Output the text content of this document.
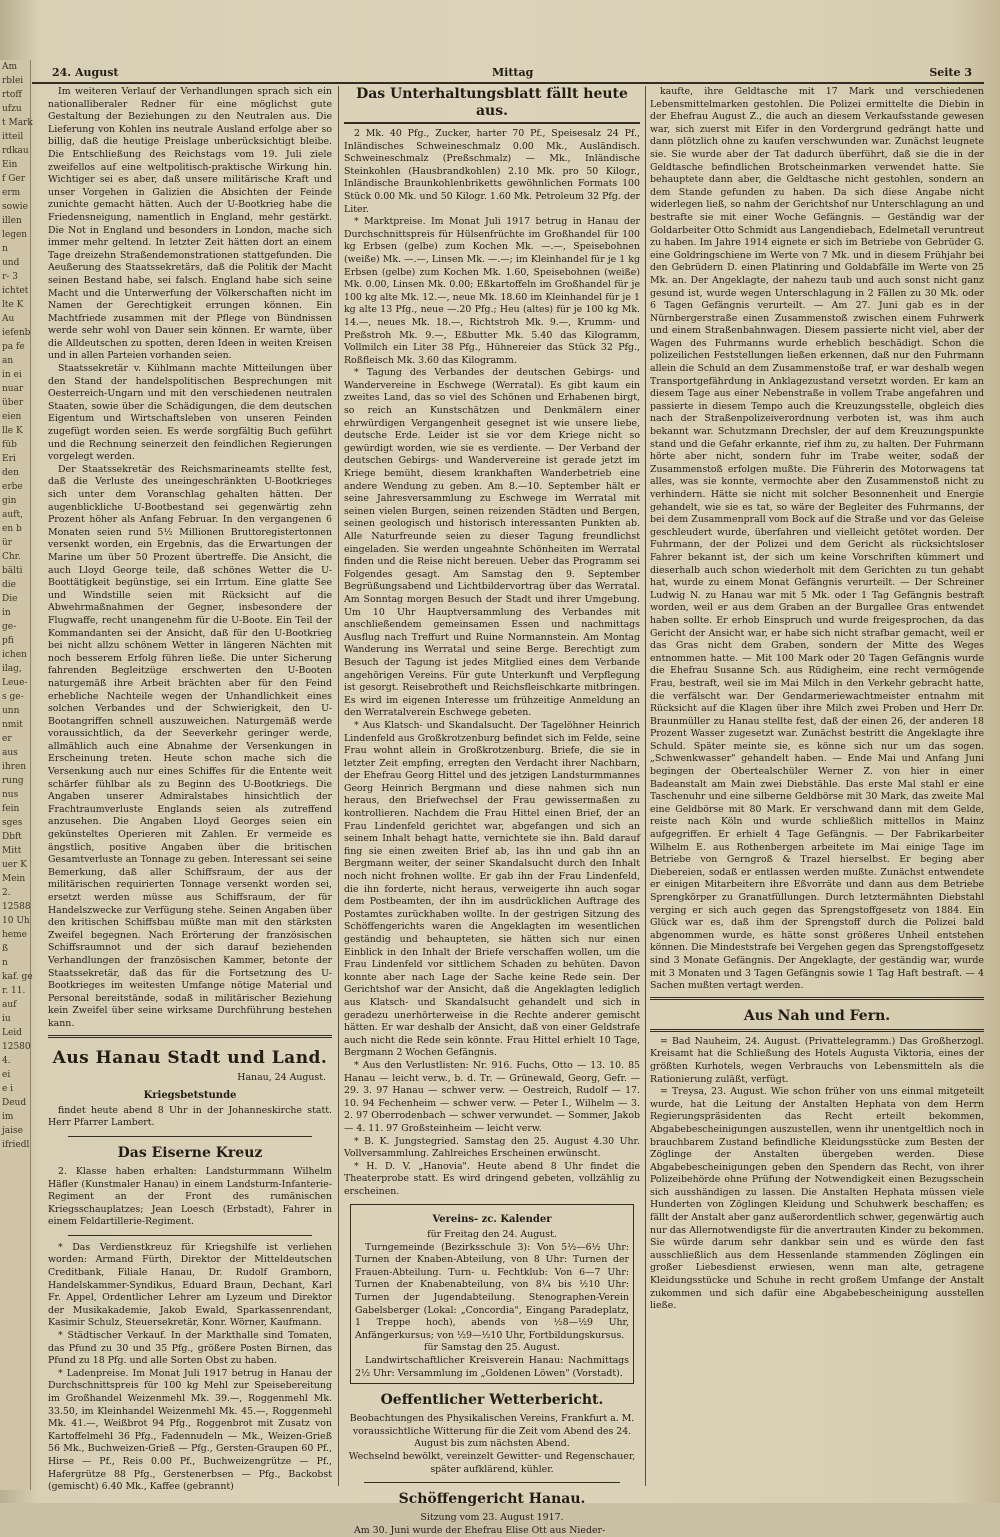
Am
rblei
rtoff
ufzu
t Mark
itteil
rdkau
Ein
f Ger
erm
sowie
illen
legen
n
und
r- 3
ichtet
lte K
Au
iefenb
pa fe
an
in ei
nuar
über
eien
lle K
füb
Eri
den
erbe
gin
auft,
en b
ür
Chr.
bälti
die
Die
in
ge-
pfi
ichen
ilag,
Leue-
s ge-
unn
nmit
er
aus
ihren
rung
nus
fein
sges
Dbft
Mitt
uer K
Mein
2.
12588
10 Uh
heme
ß
n
kaf. ge
r. 11.
auf
iu
Leid
12580
4.
ei
e i
Deud
im
jaise
ifriedl
24. August	Mittag	Seite 3

Im weiteren Verlauf der Verhandlungen sprach sich ein nationalliberaler Redner für eine möglichst gute Gestaltung der Beziehungen zu den Neutralen aus. Die Lieferung von Kohlen ins neutrale Ausland erfolge aber so billig, daß die heutige Preislage unberücksichtigt bleibe. Die Entschließung des Reichstags vom 19. Juli ziele zweifellos auf eine weltpolitisch-praktische Wirkung hin. Wichtiger sei es aber, daß unsere militärische Kraft und unser Vorgehen in Galizien die Absichten der Feinde zunichte gemacht hätten. Auch der U-Bootkrieg habe die Friedensneigung, namentlich in England, mehr gestärkt. Die Not in England und besonders in London, mache sich immer mehr geltend. In letzter Zeit hätten dort an einem Tage dreizehn Straßendemonstrationen stattgefunden. Die Aeußerung des Staatssekretärs, daß die Politik der Macht seinen Bestand habe, sei falsch. England habe sich seine Macht und die Unterwerfung der Völkerschaften nicht im Namen der Gerechtigkeit errungen können. Ein Machtfriede zusammen mit der Pflege von Bündnissen werde sehr wohl von Dauer sein können. Er warnte, über die Alldeutschen zu spotten, deren Ideen in weiten Kreisen und in allen Parteien vorhanden seien.

Staatssekretär v. Kühlmann machte Mitteilungen über den Stand der handelspolitischen Besprechungen mit Oesterreich-Ungarn und mit den verschiedenen neutralen Staaten, sowie über die Schädigungen, die dem deutschen Eigentum und Wirtschaftsleben von unseren Feinden zugefügt worden seien. Es werde sorgfältig Buch geführt und die Rechnung seinerzeit den feindlichen Regierungen vorgelegt werden.

Der Staatssekretär des Reichsmarineamts stellte fest, daß die Verluste des uneingeschränkten U-Bootkrieges sich unter dem Voranschlag gehalten hätten. Der augenblickliche U-Bootbestand sei gegenwärtig zehn Prozent höher als Anfang Februar. In den vergangenen 6 Monaten seien rund 5½ Millionen Bruttoregistertonnen versenkt worden, ein Ergebnis, das die Erwartungen der Marine um über 50 Prozent übertreffe. Die Ansicht, die auch Lloyd George teile, daß schönes Wetter die U-Boottätigkeit begünstige, sei ein Irrtum. Eine glatte See und Windstille seien mit Rücksicht auf die Abwehrmaßnahmen der Gegner, insbesondere der Flugwaffe, recht unangenehm für die U-Boote. Ein Teil der Kommandanten sei der Ansicht, daß für den U-Bootkrieg bei nicht allzu schönem Wetter in längeren Nächten mit noch besserem Erfolg führen ließe. Die unter Sicherung fahrenden Begleitzüge erschwerten den U-Booten naturgemäß ihre Arbeit brächten aber für den Feind erhebliche Nachteile wegen der Unhandlichkeit eines solchen Verbandes und der Schwierigkeit, den U-Bootangriffen schnell auszuweichen. Naturgemäß werde voraussichtlich, da der Seeverkehr geringer werde, allmählich auch eine Abnahme der Versenkungen in Erscheinung treten. Heute schon mache sich die Versenkung auch nur eines Schiffes für die Entente weit schärfer fühlbar als zu Beginn des U-Bootkriegs. Die Angaben unserer Admiralstabes hinsichtlich der Frachtraumverluste Englands seien als zutreffend anzusehen. Die Angaben Lloyd Georges seien ein gekünsteltes Operieren mit Zahlen. Er vermeide es ängstlich, positive Angaben über die britischen Gesamtverluste an Tonnage zu geben. Interessant sei seine Bemerkung, daß aller Schiffsraum, der aus der militärischen requirierten Tonnage versenkt worden sei, ersetzt werden müsse aus Schiffsraum, der für Handelszwecke zur Verfügung stehe. Seinen Angaben über den kritischen Schiffsbau müßte man mit den stärksten Zweifel begegnen. Nach Erörterung der französischen Schiffsraumnot und der sich darauf beziehenden Verhandlungen der französischen Kammer, betonte der Staatssekretär, daß das für die Fortsetzung des U-Bootkrieges im weitesten Umfange nötige Material und Personal bereitstände, sodaß in militärischer Beziehung kein Zweifel über seine wirksame Durchführung bestehen kann.

Aus Hanau Stadt und Land.
Hanau, 24 August.
Kriegsbetstunde

findet heute abend 8 Uhr in der Johanneskirche statt. Herr Pfarrer Lambert.

Das Eiserne Kreuz

2. Klasse haben erhalten: Landsturmmann Wilhelm Häfler (Kunstmaler Hanau) in einem Landsturm-Infanterie-Regiment an der Front des rumänischen Kriegsschauplatzes; Jean Loesch (Erbstadt), Fahrer in einem Feldartillerie-Regiment.

* Das Verdienstkreuz für Kriegshilfe ist verliehen worden: Armand Fürth, Direktor der Mitteldeutschen Creditbank, Filiale Hanau, Dr. Rudolf Gramborn, Handelskammer-Syndikus, Eduard Braun, Dechant, Karl Fr. Appel, Ordentlicher Lehrer am Lyzeum und Direktor der Musikakademie, Jakob Ewald, Sparkassenrendant, Kasimir Schulz, Steuersekretär, Konr. Wörner, Kaufmann.

* Städtischer Verkauf. In der Markthalle sind Tomaten, das Pfund zu 30 und 35 Pfg., größere Posten Birnen, das Pfund zu 18 Pfg. und alle Sorten Obst zu haben.

* Ladenpreise. Im Monat Juli 1917 betrug in Hanau der Durchschnittspreis für 100 kg Mehl zur Speisebereitung im Großhandel Weizenmehl Mk. 39.—, Roggenmehl Mk. 33.50, im Kleinhandel Weizenmehl Mk. 45.—, Roggenmehl Mk. 41.—, Weißbrot 94 Pfg., Roggenbrot mit Zusatz von Kartoffelmehl 36 Pfg., Fadennudeln — Mk., Weizen-Grieß 56 Mk., Buchweizen-Grieß — Pfg., Gersten-Graupen 60 Pf., Hirse — Pf., Reis 0.00 Pf., Buchweizengrütze — Pf., Hafergrütze 88 Pfg., Gerstenerbsen — Pfg., Backobst (gemischt) 6.40 Mk., Kaffee (gebrannt)

Das Unterhaltungsblatt fällt heute aus.

2 Mk. 40 Pfg., Zucker, harter 70 Pf., Speisesalz 24 Pf., Inländisches Schweineschmalz 0.00 Mk., Ausländisch. Schweineschmalz (Preßschmalz) — Mk., Inländische Steinkohlen (Hausbrandkohlen) 2.10 Mk. pro 50 Kilogr., Inländische Braunkohlenbriketts gewöhnlichen Formats 100 Stück 0.00 Mk. und 50 Kilogr. 1.60 Mk. Petroleum 32 Pfg. der Liter.

* Marktpreise. Im Monat Juli 1917 betrug in Hanau der Durchschnittspreis für Hülsenfrüchte im Großhandel für 100 kg Erbsen (gelbe) zum Kochen Mk. —.—, Speisebohnen (weiße) Mk. —.—, Linsen Mk. —.—; im Kleinhandel für je 1 kg Erbsen (gelbe) zum Kochen Mk. 1.60, Speisebohnen (weiße) Mk. 0.00, Linsen Mk. 0.00; Eßkartoffeln im Großhandel für je 100 kg alte Mk. 12.—, neue Mk. 18.60 im Kleinhandel für je 1 kg alte 13 Pfg., neue —.20 Pfg.; Heu (altes) für je 100 kg Mk. 14.—, neues Mk. 18.—, Richtstroh Mk. 9.—, Krumm- und Preßstroh Mk. 9.—, Eßbutter Mk. 5.40 das Kilogramm, Vollmilch ein Liter 38 Pfg., Hühnereier das Stück 32 Pfg., Roßfleisch Mk. 3.60 das Kilogramm.

* Tagung des Verbandes der deutschen Gebirgs- und Wandervereine in Eschwege (Werratal). Es gibt kaum ein zweites Land, das so viel des Schönen und Erhabenen birgt, so reich an Kunstschätzen und Denkmälern einer ehrwürdigen Vergangenheit gesegnet ist wie unsere liebe, deutsche Erde. Leider ist sie vor dem Kriege nicht so gewürdigt worden, wie sie es verdiente. — Der Verband der deutschen Gebirgs- und Wandervereine ist gerade jetzt im Kriege bemüht, diesem krankhaften Wanderbetrieb eine andere Wendung zu geben. Am 8.—10. September hält er seine Jahresversammlung zu Eschwege im Werratal mit seinen vielen Burgen, seinen reizenden Städten und Bergen, seinen geologisch und historisch interessanten Punkten ab. Alle Naturfreunde seien zu dieser Tagung freundlichst eingeladen. Sie werden ungeahnte Schönheiten im Werratal finden und die Reise nicht bereuen. Ueber das Programm sei Folgendes gesagt. Am Samstag den 9. September Begrüßungsabend und Lichtbildervortrag über das Werratal. Am Sonntag morgen Besuch der Stadt und ihrer Umgebung. Um 10 Uhr Hauptversammlung des Verbandes mit anschließendem gemeinsamen Essen und nachmittags Ausflug nach Treffurt und Ruine Normannstein. Am Montag Wanderung ins Werratal und seine Berge. Berechtigt zum Besuch der Tagung ist jedes Mitglied eines dem Verbande angehörigen Vereins. Für gute Unterkunft und Verpflegung ist gesorgt. Reisebrotheft und Reichsfleischkarte mitbringen. Es wird im eigenen Interesse um frühzeitige Anmeldung an den Werratalverein Eschwege gebeten.

* Aus Klatsch- und Skandalsucht. Der Tagelöhner Heinrich Lindenfeld aus Großkrotzenburg befindet sich im Felde, seine Frau wohnt allein in Großkrotzenburg. Briefe, die sie in letzter Zeit empfing, erregten den Verdacht ihrer Nachbarn, der Ehefrau Georg Hittel und des jetzigen Landsturmmannes Georg Heinrich Bergmann und diese nahmen sich nun heraus, den Briefwechsel der Frau gewissermaßen zu kontrollieren. Nachdem die Frau Hittel einen Brief, der an Frau Lindenfeld gerichtet war, abgefangen und sich an seinem Inhalt behagt hatte, vernichtete sie ihn. Bald darauf fing sie einen zweiten Brief ab, las ihn und gab ihn an Bergmann weiter, der seiner Skandalsucht durch den Inhalt noch nicht frohnen wollte. Er gab ihn der Frau Lindenfeld, die ihn forderte, nicht heraus, verweigerte ihn auch sogar dem Postbeamten, der ihn im ausdrücklichen Auftrage des Postamtes zurückhaben wollte. In der gestrigen Sitzung des Schöffengerichts waren die Angeklagten im wesentlichen geständig und behaupteten, sie hätten sich nur einen Einblick in den Inhalt der Briefe verschaffen wollen, um die Frau Lindenfeld vor sittlichem Schaden zu behüten. Davon konnte aber nach Lage der Sache keine Rede sein. Der Gerichtshof war der Ansicht, daß die Angeklagten lediglich aus Klatsch- und Skandalsucht gehandelt und sich in geradezu unerhörterweise in die Rechte anderer gemischt hätten. Er war deshalb der Ansicht, daß von einer Geldstrafe auch nicht die Rede sein könnte. Frau Hittel erhielt 10 Tage, Bergmann 2 Wochen Gefängnis.

* Aus den Verlustlisten: Nr. 916. Fuchs, Otto — 13. 10. 85 Hanau — leicht verw., b. d. Tr. — Grünewald, Georg, Gefr. — 29. 3. 97 Hanau — schwer verw. — Oestreich, Rudolf — 17. 10. 94 Fechenheim — schwer verw. — Peter I., Wilhelm — 3. 2. 97 Oberrodenbach — schwer verwundet. — Sommer, Jakob — 4. 11. 97 Großsteinheim — leicht verw.

* B. K. Jungstegried. Samstag den 25. August 4.30 Uhr. Vollversammlung. Zahlreiches Erscheinen erwünscht.

* H. D. V. „Hanovia". Heute abend 8 Uhr findet die Theaterprobe statt. Es wird dringend gebeten, vollzählig zu erscheinen.

Vereins- zc. Kalender

für Freitag den 24. August.

Turngemeinde (Bezirksschule 3): Von 5½—6½ Uhr: Turnen der Knaben-Abteilung, von 8 Uhr: Turnen der Frauen-Abteilung. Turn- u. Fechtklub: Von 6—7 Uhr: Turnen der Knabenabteilung, von 8¼ bis ½10 Uhr: Turnen der Jugendabteilung. Stenographen-Verein Gabelsberger (Lokal: „Concordia", Eingang Paradeplatz, 1 Treppe hoch), abends von ½8—½9 Uhr, Anfängerkursus; von ½9—½10 Uhr, Fortbildungskursus.

für Samstag den 25. August.

Landwirtschaftlicher Kreisverein Hanau: Nachmittags 2½ Uhr: Versammlung im „Goldenen Löwen" (Vorstadt).

Oeffentlicher Wetterbericht.

Beobachtungen des Physikalischen Vereins, Frankfurt a. M. voraussichtliche Witterung für die Zeit vom Abend des 24. August bis zum nächsten Abend.

Wechselnd bewölkt, vereinzelt Gewitter- und Regenschauer, später aufklärend, kühler.

Schöffengericht Hanau.

Sitzung vom 23. August 1917.

Am 30. Juni wurde der Ehefrau Elise Ott aus Nieder-

kaufte, ihre Geldtasche mit 17 Mark und verschiedenen Lebensmittelmarken gestohlen. Die Polizei ermittelte die Diebin in der Ehefrau August Z., die auch an diesem Verkaufsstande gewesen war, sich zuerst mit Eifer in den Vordergrund gedrängt hatte und dann plötzlich ohne zu kaufen verschwunden war. Zunächst leugnete sie. Sie wurde aber der Tat dadurch überführt, daß sie die in der Geldtasche befindlichen Brotscheinmarken verwendet hatte. Sie behauptete dann aber, die Geldtasche nicht gestohlen, sondern an dem Stande gefunden zu haben. Da sich diese Angabe nicht widerlegen ließ, so nahm der Gerichtshof nur Unterschlagung an und bestrafte sie mit einer Woche Gefängnis. — Geständig war der Goldarbeiter Otto Schmidt aus Langendiebach, Edelmetall veruntreut zu haben. Im Jahre 1914 eignete er sich im Betriebe von Gebrüder G. eine Goldringschiene im Werte von 7 Mk. und in diesem Frühjahr bei den Gebrüdern D. einen Platinring und Goldabfälle im Werte von 25 Mk. an. Der Angeklagte, der nahezu taub und auch sonst nicht ganz gesund ist, wurde wegen Unterschlagung in 2 Fällen zu 30 Mk. oder 6 Tagen Gefängnis verurteilt. — Am 27. Juni gab es in der Nürnbergerstraße einen Zusammenstoß zwischen einem Fuhrwerk und einem Straßenbahnwagen. Diesem passierte nicht viel, aber der Wagen des Fuhrmanns wurde erheblich beschädigt. Schon die polizeilichen Feststellungen ließen erkennen, daß nur den Fuhrmann allein die Schuld an dem Zusammenstoße traf, er war deshalb wegen Transportgefährdung in Anklagezustand versetzt worden. Er kam an diesem Tage aus einer Nebenstraße in vollem Trabe angefahren und passierte in diesem Tempo auch die Kreuzungsstelle, obgleich dies nach der Straßenpolizeiverordnung verboten ist, was ihm auch bekannt war. Schutzmann Drechsler, der auf dem Kreuzungspunkte stand und die Gefahr erkannte, rief ihm zu, zu halten. Der Fuhrmann hörte aber nicht, sondern fuhr im Trabe weiter, sodaß der Zusammenstoß erfolgen mußte. Die Führerin des Motorwagens tat alles, was sie konnte, vermochte aber den Zusammenstoß nicht zu verhindern. Hätte sie nicht mit solcher Besonnenheit und Energie gehandelt, wie sie es tat, so wäre der Begleiter des Fuhrmanns, der bei dem Zusammenprall vom Bock auf die Straße und vor das Geleise geschleudert wurde, überfahren und vielleicht getötet worden. Der Fuhrmann, der der Polizei und dem Gericht als rücksichtsloser Fahrer bekannt ist, der sich um keine Vorschriften kümmert und dieserhalb auch schon wiederholt mit dem Gerichten zu tun gehabt hat, wurde zu einem Monat Gefängnis verurteilt. — Der Schreiner Ludwig N. zu Hanau war mit 5 Mk. oder 1 Tag Gefängnis bestraft worden, weil er aus dem Graben an der Burgallee Gras entwendet haben sollte. Er erhob Einspruch und wurde freigesprochen, da das Gericht der Ansicht war, er habe sich nicht strafbar gemacht, weil er das Gras nicht dem Graben, sondern der Mitte des Weges entnommen hatte. — Mit 100 Mark oder 20 Tagen Gefängnis wurde die Ehefrau Susanne Sch. aus Rüdigheim, eine recht vermögende Frau, bestraft, weil sie im Mai Milch in den Verkehr gebracht hatte, die verfälscht war. Der Gendarmeriewachtmeister entnahm mit Rücksicht auf die Klagen über ihre Milch zwei Proben und Herr Dr. Braunmüller zu Hanau stellte fest, daß der einen 26, der anderen 18 Prozent Wasser zugesetzt war. Zunächst bestritt die Angeklagte ihre Schuld. Später meinte sie, es könne sich nur um das sogen. „Schwenkwasser" gehandelt haben. — Ende Mai und Anfang Juni begingen der Obertealschüler Werner Z. von hier in einer Badeanstalt am Main zwei Diebstähle. Das erste Mal stahl er eine Taschenuhr und eine silberne Geldbörse mit 30 Mark, das zweite Mal eine Geldbörse mit 80 Mark. Er verschwand dann mit dem Gelde, reiste nach Köln und wurde schließlich mittellos in Mainz aufgegriffen. Er erhielt 4 Tage Gefängnis. — Der Fabrikarbeiter Wilhelm E. aus Rothenbergen arbeitete im Mai einige Tage im Betriebe von Gerngroß & Trazel hierselbst. Er beging aber Diebereien, sodaß er entlassen werden mußte. Zunächst entwendete er einigen Mitarbeitern ihre Eßvorräte und dann aus dem Betriebe Sprengkörper zu Granatfüllungen. Durch letztermähnten Diebstahl verging er sich auch gegen das Sprengstoffgesetz von 1884. Ein Glück war es, daß ihm der Sprengstoff durch die Polizei bald abgenommen wurde, es hätte sonst größeres Unheil entstehen können. Die Mindeststrafe bei Vergehen gegen das Sprengstoffgesetz sind 3 Monate Gefängnis. Der Angeklagte, der geständig war, wurde mit 3 Monaten und 3 Tagen Gefängnis sowie 1 Tag Haft bestraft. — 4 Sachen mußten vertagt werden.

Aus Nah und Fern.

= Bad Nauheim, 24. August. (Privattelegramm.) Das Großherzogl. Kreisamt hat die Schließung des Hotels Augusta Viktoria, eines der größten Kurhotels, wegen Verbrauchs von Lebensmitteln als die Rationierung zuläßt, verfügt.

= Treysa, 23. August. Wie schon früher von uns einmal mitgeteilt wurde, hat die Leitung der Anstalten Hephata von dem Herrn Regierungspräsidenten das Recht erteilt bekommen, Abgabebescheinigungen auszustellen, wenn ihr unentgeltlich noch in brauchbarem Zustand befindliche Kleidungsstücke zum Besten der Zöglinge der Anstalten übergeben werden. Diese Abgabebescheinigungen geben den Spendern das Recht, von ihrer Polizeibehörde ohne Prüfung der Notwendigkeit einen Bezugsschein sich ausshändigen zu lassen. Die Anstalten Hephata müssen viele Hunderten von Zöglingen Kleidung und Schuhwerk beschaffen; es fällt der Anstalt aber ganz außerordentlich schwer, gegenwärtig auch nur das Allernotwendigste für die anvertrauten Kinder zu bekommen. Sie würde darum sehr dankbar sein und es würde den fast ausschließlich aus dem Hessenlande stammenden Zöglingen ein großer Liebesdienst erwiesen, wenn man alte, getragene Kleidungsstücke und Schuhe in recht großem Umfange der Anstalt zukommen und sich dafür eine Abgabebescheinigung ausstellen ließe.
